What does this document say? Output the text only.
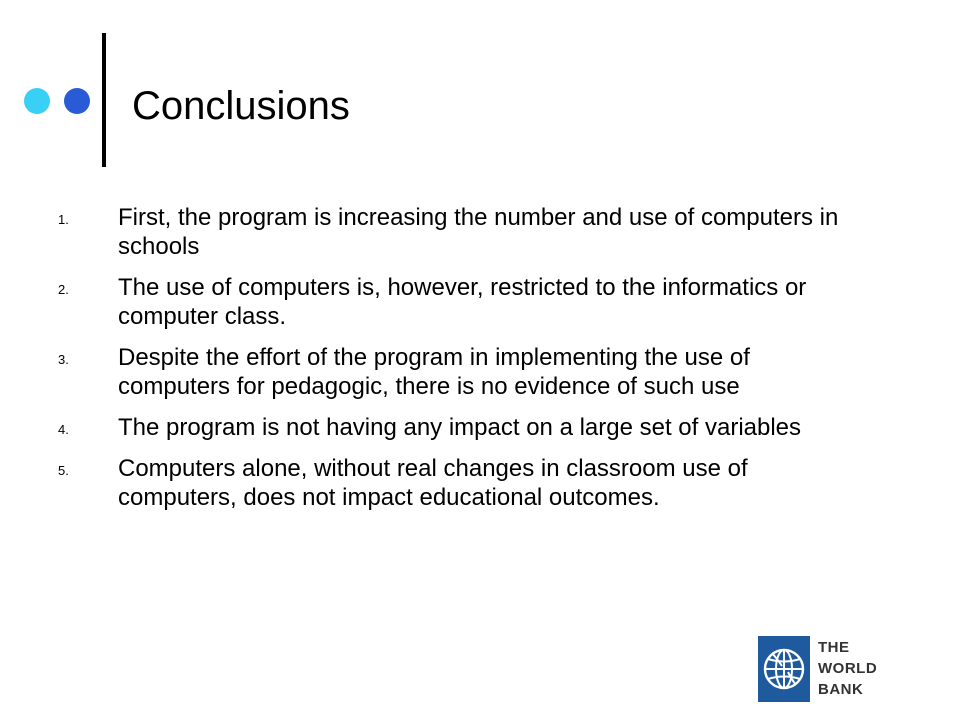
Conclusions
1. First, the program is increasing the number and use of computers in schools
2. The use of computers is, however, restricted to the informatics or computer class.
3. Despite the effort of the program in implementing the use of computers for pedagogic, there is no evidence of such use
4. The program is not having any impact on a large set of variables
5. Computers alone, without real changes in classroom use of computers, does not impact educational outcomes.
THE
WORLD
BANK
